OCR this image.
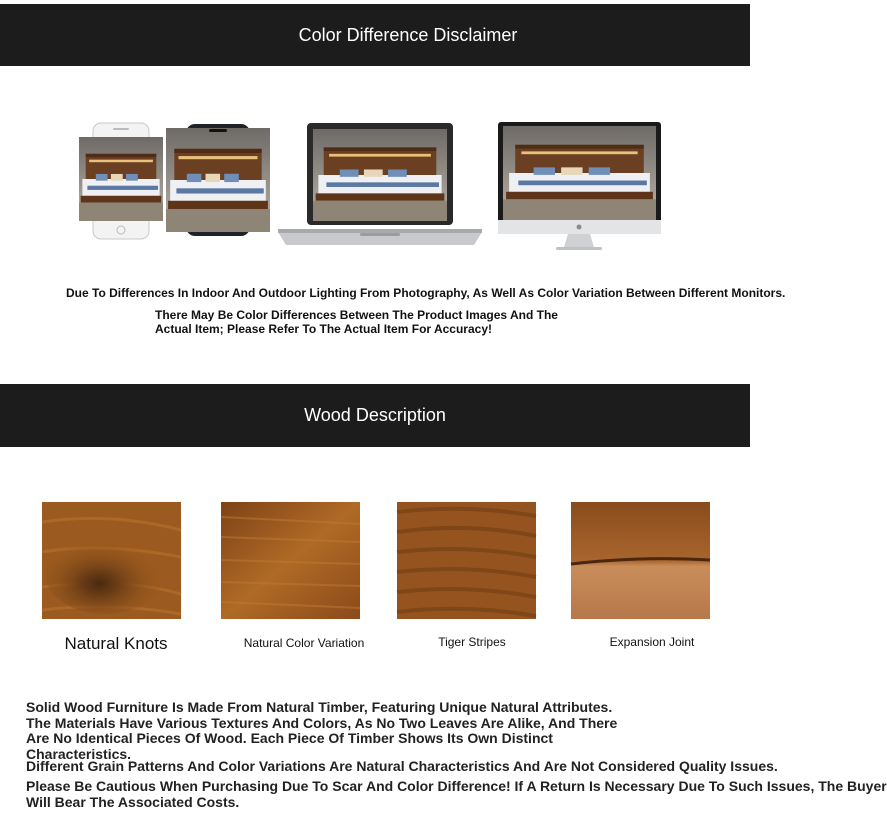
Color Difference Disclaimer
Due To Differences In Indoor And Outdoor Lighting From Photography, As Well As Color Variation Between Different Monitors.
There May Be Color Differences Between The Product Images And The Actual Item; Please Refer To The Actual Item For Accuracy!
Wood Description
Natural Knots	Natural Color Variation	Tiger Stripes	Expansion Joint
Solid Wood Furniture Is Made From Natural Timber, Featuring Unique Natural Attributes. The Materials Have Various Textures And Colors, As No Two Leaves Are Alike, And There Are No Identical Pieces Of Wood. Each Piece Of Timber Shows Its Own Distinct Characteristics.
Different Grain Patterns And Color Variations Are Natural Characteristics And Are Not Considered Quality Issues.
Please Be Cautious When Purchasing Due To Scar And Color Difference! If A Return Is Necessary Due To Such Issues, The Buyer
Will Bear The Associated Costs.
